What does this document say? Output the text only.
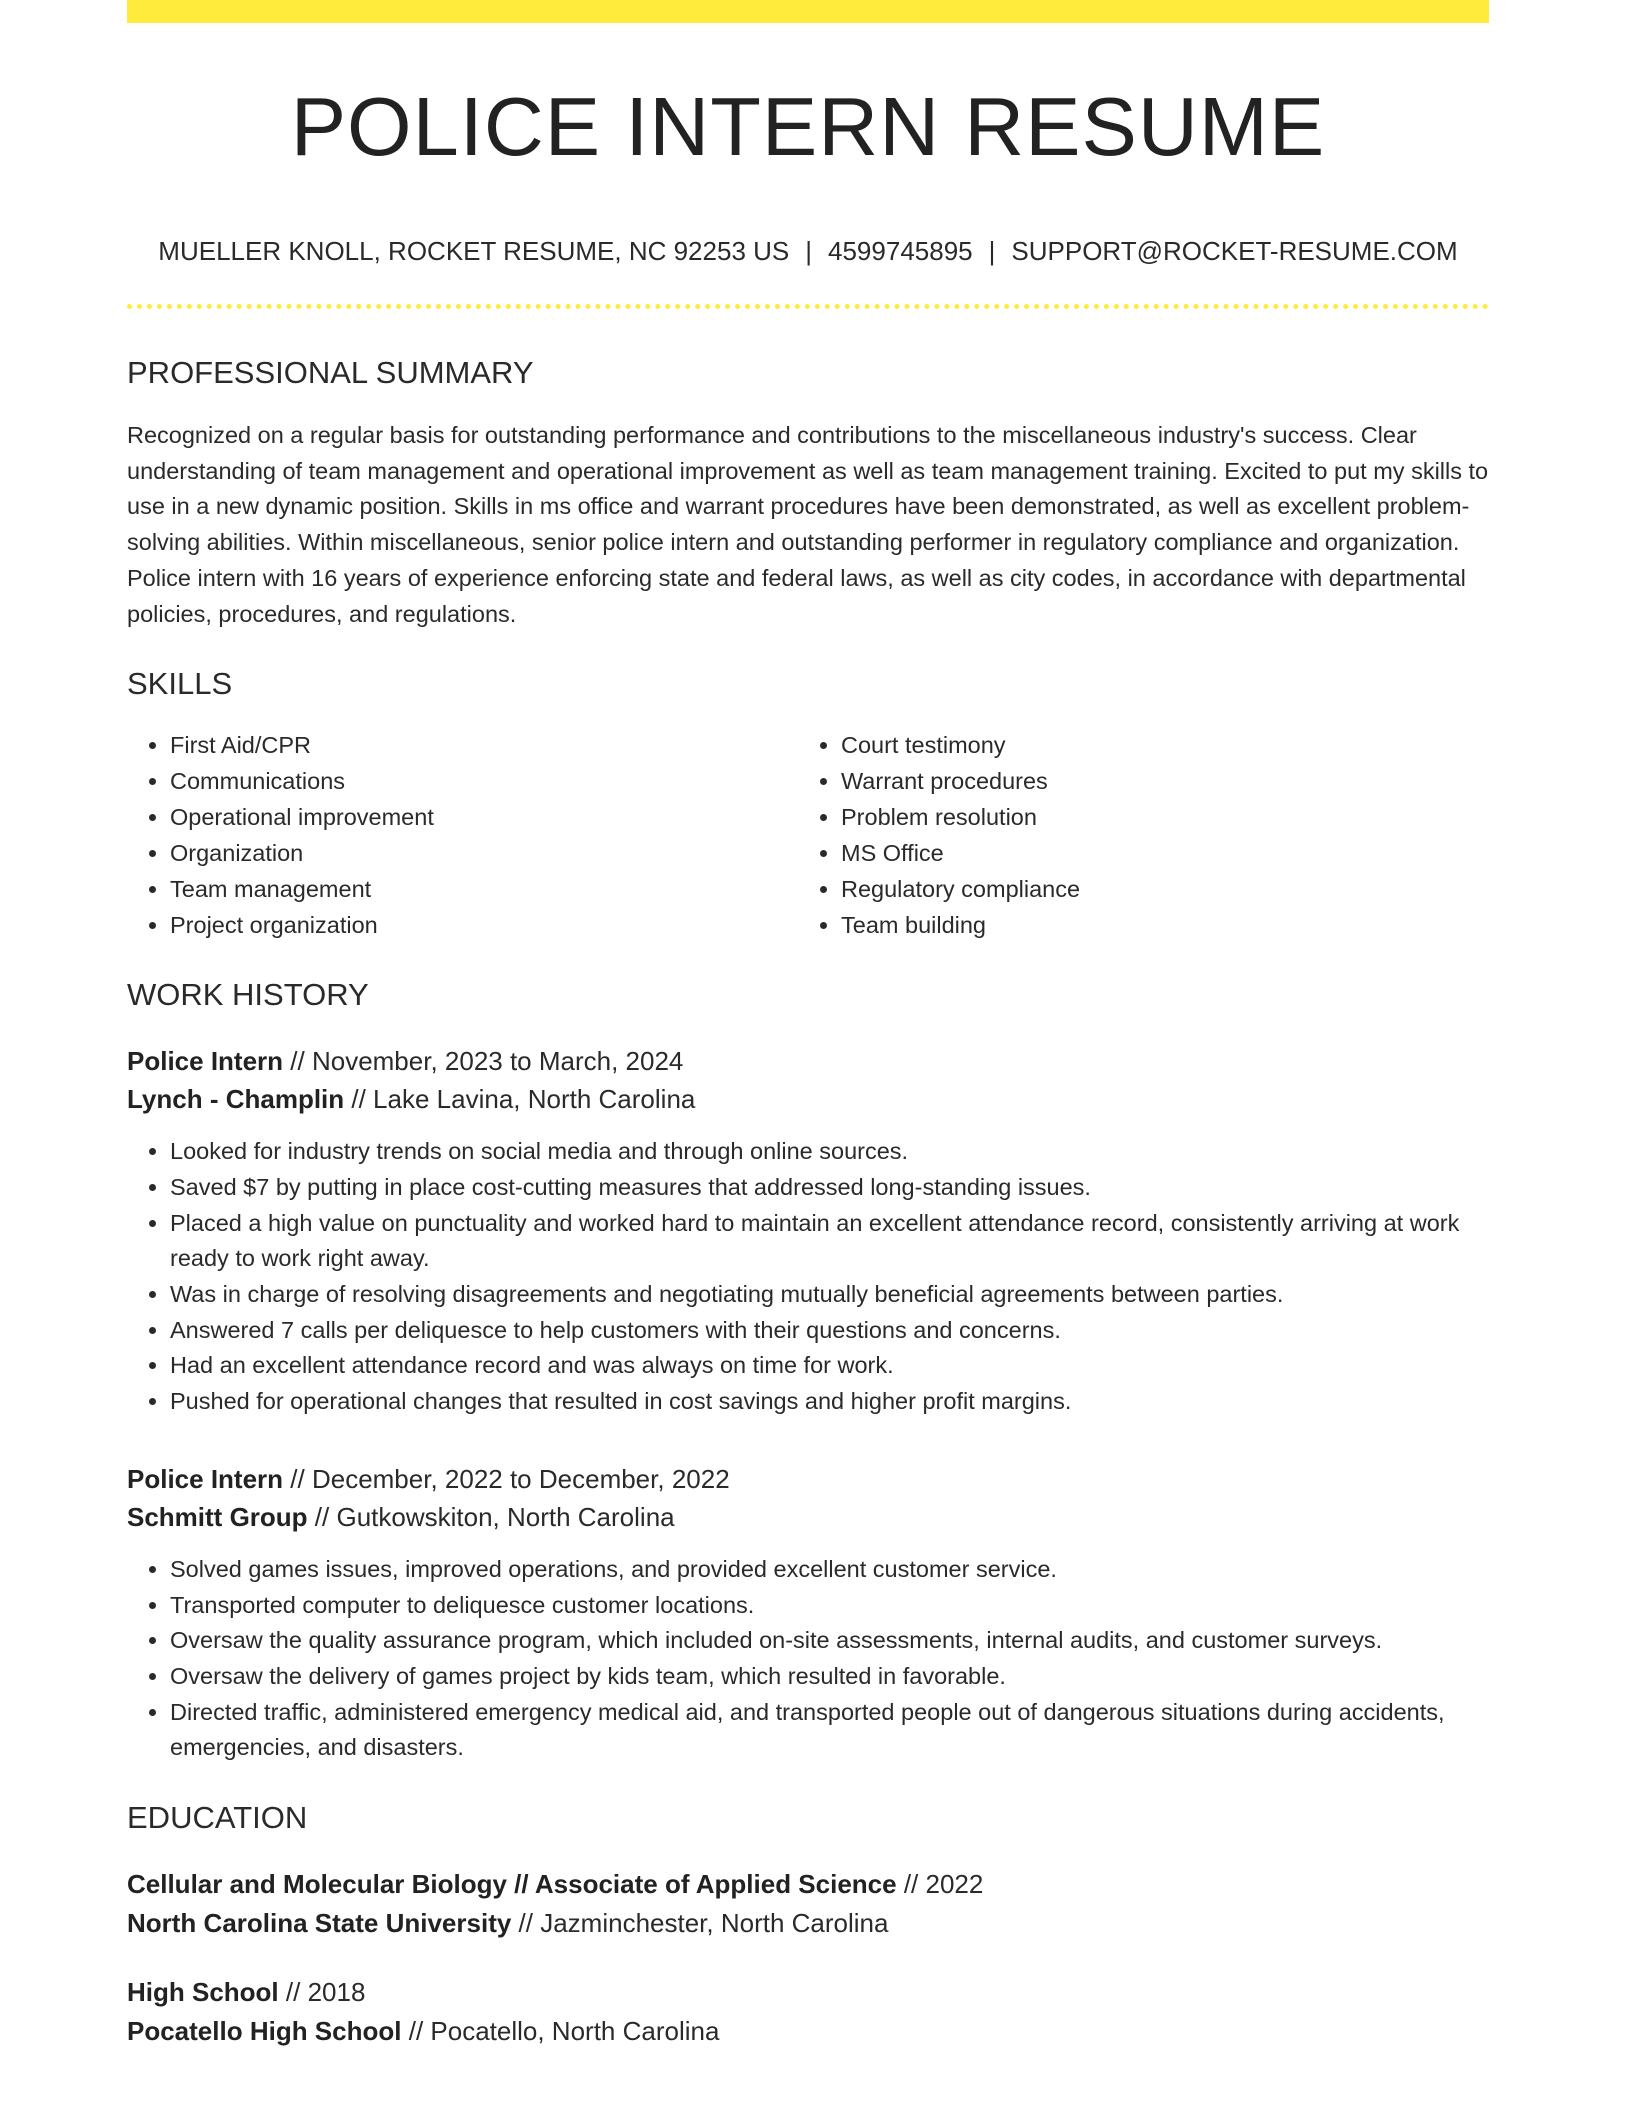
POLICE INTERN RESUME
MUELLER KNOLL, ROCKET RESUME, NC 92253 US | 4599745895 | SUPPORT@ROCKET-RESUME.COM
PROFESSIONAL SUMMARY

Recognized on a regular basis for outstanding performance and contributions to the miscellaneous industry's success. Clear understanding of team management and operational improvement as well as team management training. Excited to put my skills to use in a new dynamic position. Skills in ms office and warrant procedures have been demonstrated, as well as excellent problem-solving abilities. Within miscellaneous, senior police intern and outstanding performer in regulatory compliance and organization. Police intern with 16 years of experience enforcing state and federal laws, as well as city codes, in accordance with departmental policies, procedures, and regulations.

SKILLS
• First Aid/CPR
• Communications
• Operational improvement
• Organization
• Team management
• Project organization
• Court testimony
• Warrant procedures
• Problem resolution
• MS Office
• Regulatory compliance
• Team building
WORK HISTORY
Police Intern // November, 2023 to March, 2024
Lynch - Champlin // Lake Lavina, North Carolina
• Looked for industry trends on social media and through online sources.
• Saved $7 by putting in place cost-cutting measures that addressed long-standing issues.
• Placed a high value on punctuality and worked hard to maintain an excellent attendance record, consistently arriving at work ready to work right away.
• Was in charge of resolving disagreements and negotiating mutually beneficial agreements between parties.
• Answered 7 calls per deliquesce to help customers with their questions and concerns.
• Had an excellent attendance record and was always on time for work.
• Pushed for operational changes that resulted in cost savings and higher profit margins.
Police Intern // December, 2022 to December, 2022
Schmitt Group // Gutkowskiton, North Carolina
• Solved games issues, improved operations, and provided excellent customer service.
• Transported computer to deliquesce customer locations.
• Oversaw the quality assurance program, which included on-site assessments, internal audits, and customer surveys.
• Oversaw the delivery of games project by kids team, which resulted in favorable.
• Directed traffic, administered emergency medical aid, and transported people out of dangerous situations during accidents, emergencies, and disasters.
EDUCATION
Cellular and Molecular Biology // Associate of Applied Science // 2022
North Carolina State University // Jazminchester, North Carolina
High School // 2018
Pocatello High School // Pocatello, North Carolina
